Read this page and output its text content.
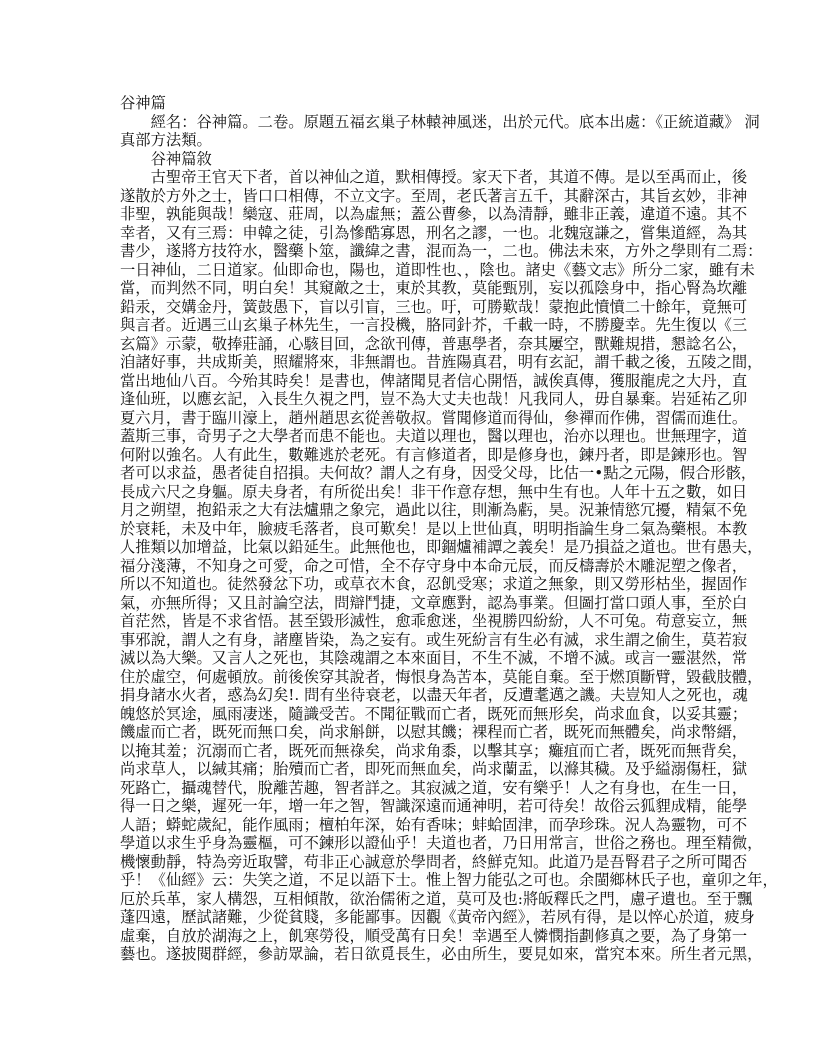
谷神篇
經名：谷神篇。二卷。原題五福玄巢子林轅神風迷，出於元代。底本出處：《正統道藏》 洞
真部方法類。
谷神篇敘
古聖帝王官天下者，首以神仙之道，默相傳授。家天下者，其道不傳。是以至禹而止，後
遂散於方外之士，皆口口相傳，不立文字。至周，老氏著言五千，其辭深古，其旨玄妙，非神
非聖，孰能與哉！欒寇、莊周，以為虛無；蓋公曹參，以為清靜，雖非正義，違道不遠。其不
幸者，又有三焉：申韓之徒，引為慘酷寡恩，刑名之謬，一也。北魏寇謙之，嘗集道經，為其
書少，遂將方技符水，醫藥卜筮，讖緯之書，混而為一，二也。佛法未來，方外之學則有二焉：
一日神仙，二日道家。仙即命也，陽也，道即性也、，陰也。諸史《藝文志》所分二家，雖有未
當，而判然不同，明白矣！其窺敵之士，東於其教，莫能甄別，妄以孤陰身中，指心腎為坎離
鉛汞，交媾金丹，簧鼓愚下，盲以引盲，三也。吁，可勝歎哉！蒙抱此憤憤二十餘年，竟無可
與言者。近遇三山玄巢子林先生，一言投機，胳同針芥，千載一時，不勝慶幸。先生復以《三
玄篇》示蒙，敬捧莊誦，心駭目回，念欲刊傳，普惠學者，奈其屢空，獸難規措，懇諗名公，
洎諸好事，共成斯美，照耀將來，非無謂也。昔旌陽真君，明有玄記，謂千載之後，五陵之間，
當出地仙八百。今殆其時矣！是書也，俾諸聞見者信心開悟，誠俟真傳，獲服龍虎之大丹，直
逢仙班，以應玄記，入長生久視之門，豈不為大丈夫也哉！凡我同人，毋自暴棄。岩延祐乙卯
夏六月，書于臨川濠上，趙州趙思玄從善敬叔。嘗聞修道而得仙，參禪而作佛，習儒而進仕。
蓋斯三事，奇男子之大學者而患不能也。夫道以理也，醫以理也，治亦以理也。世無理字，道
何附以強名。人有此生，數難逃於老死。有言修道者，即是修身也，鍊丹者，即是鍊形也。智
者可以求益，愚者徒自招損。夫何故？謂人之有身，因受父母，比估一•點之元陽，假合形骸，
長成六尺之身軀。原夫身者，有所從出矣！非干作意存想，無中生有也。人年十五之數，如日
月之朔望，抱鉛汞之大有法爐鼎之象完，過此以往，則漸為虧，昊。況兼情慾冗擾，精氣不免
於衰耗，未及中年，臉疲毛落者，良可歎矣！是以上世仙真，明明指論生身二氣為藥根。本教
人推類以加增益，比氣以鉛延生。此無他也，即錮爐補譚之義矣！是乃損益之道也。世有愚夫，
福分淺薄，不知身之可愛，命之可惜，全不存守身中本命元辰，而反檮壽於木雕泥塑之像者，
所以不知道也。徒然發忿下功，或草衣木食，忍飢受寒；求道之無象，則又勞形枯坐，握固作
氣，亦無所得；又且討論空法，問辯鬥捷，文章應對，認為事業。但圖打當口頭人事，至於白
首茫然，皆是不求省悟。甚至毀形滅性，愈乖愈迷，坐視勝四紛紛，人不可兔。苟意妄立，無
事邪說，謂人之有身，諸塵皆染，為之妄有。或生死紛言有生必有滅，求生謂之偷生，莫若寂
滅以為大樂。又言人之死也，其陰魂謂之本來面目，不生不滅，不增不滅。或言一靈湛然，常
住於虛空，何處頓放。前後俟穿其說者，悔恨身為苦本，莫能自棄。至于燃頂斷臂，毀截肢體，
捐身諸水火者，惑為幻矣!. 問有坐待衰老，以盡天年者，反遭耄邁之譏。夫豈知人之死也，魂
魄悠於冥途，風雨凄迷，隨識受苦。不聞征戰而亡者，既死而無形矣，尚求血食，以妥其靈；
饑虛而亡者，既死而無口矣，尚求斛餅，以慰其饑；裸程而亡者，既死而無體矣，尚求幣縉，
以掩其羞；沉溺而亡者，既死而無祿矣，尚求角黍，以擊其享；癱疽而亡者，既死而無背矣，
尚求草人，以緘其痛；胎殰而亡者，即死而無血矣，尚求蘭盂，以滌其穢。及乎縊溺傷枉，獄
死路亡，攝魂替代，脫離苦趣，智者詳之。其寂滅之道，安有樂乎！人之有身也，在生一日，
得一日之樂，遲死一年，增一年之智，智識深遠而通神明，若可待矣！故俗云狐貍成精，能學
人語；蟒蛇歲紀，能作風雨；檀柏年深，始有香味；蚌蛤固津，而孕珍珠。況人為靈物，可不
學道以求生乎身為靈樞，可不鍊形以證仙乎！夫道也者，乃日用常言，世俗之務也。理至精微，
機懷動靜，特為旁近取譬，苟非正心誠意於學問者，終鮮克知。此道乃是吾腎君子之所可聞否
乎！《仙經》云：失笑之道，不足以語下士。惟上智力能弘之可也。余閩鄉林氏子也，童卯之年，
厄於兵革，家人構怨，互相傾散，欲治儒術之道，莫可及也:將皈釋氏之門，慮孑遺也。至于飄
蓬四遠，歷試諸難，少從貧賤，多能鄙事。因觀《黃帝內經》，若夙有得，是以悴心於道，疲身
虛棄，自放於湖海之上，飢寒勞役，順受萬有日矣！幸遇至人憐憫指劃修真之要，為了身第一
藝也。遂披閱群經，參訪眾論，若日欲覓長生，必由所生，要見如來，當究本來。所生者元黑，
